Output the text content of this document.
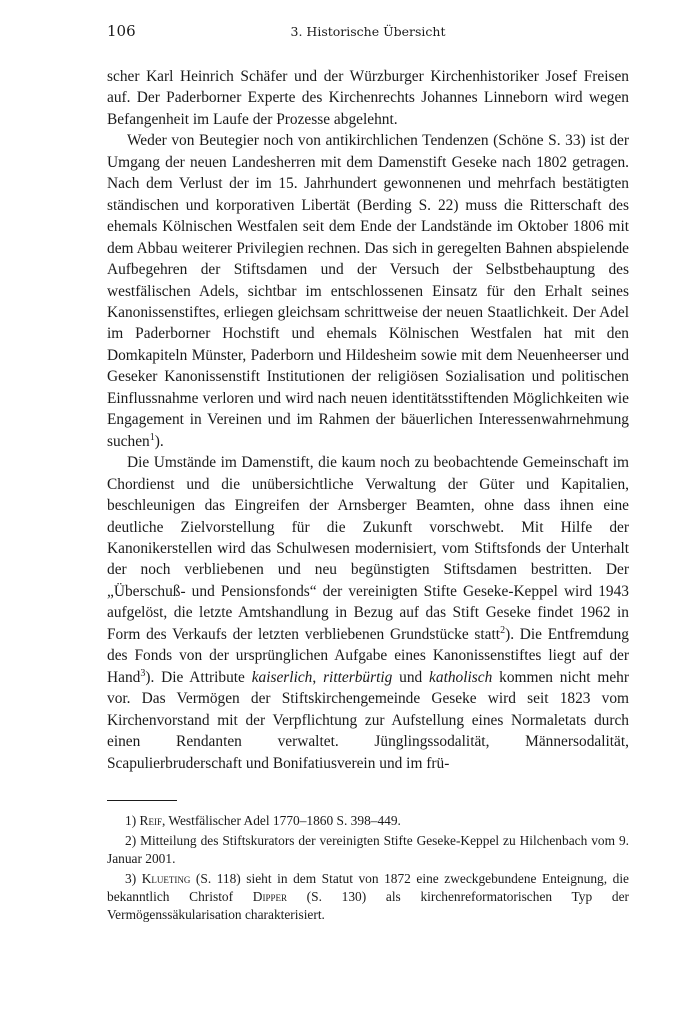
106	3. Historische Übersicht

scher Karl Heinrich Schäfer und der Würzburger Kirchenhistoriker Josef Freisen auf. Der Paderborner Experte des Kirchenrechts Johannes Linneborn wird wegen Befangenheit im Laufe der Prozesse abgelehnt.

Weder von Beutegier noch von antikirchlichen Tendenzen (Schöne S. 33) ist der Umgang der neuen Landesherren mit dem Damenstift Geseke nach 1802 getragen. Nach dem Verlust der im 15. Jahrhundert gewonnenen und mehrfach bestätigten ständischen und korporativen Libertät (Berding S. 22) muss die Ritterschaft des ehemals Kölnischen Westfalen seit dem Ende der Landstände im Oktober 1806 mit dem Abbau weiterer Privilegien rechnen. Das sich in geregelten Bahnen abspielende Aufbegehren der Stiftsdamen und der Versuch der Selbstbehauptung des westfälischen Adels, sichtbar im entschlossenen Einsatz für den Erhalt seines Kanonissenstiftes, erliegen gleichsam schrittweise der neuen Staatlichkeit. Der Adel im Paderborner Hochstift und ehemals Kölnischen Westfalen hat mit den Domkapiteln Münster, Paderborn und Hildesheim sowie mit dem Neuenheerser und Geseker Kanonissenstift Institutionen der religiösen Sozialisation und politischen Einflussnahme verloren und wird nach neuen identitätsstiftenden Möglichkeiten wie Engagement in Vereinen und im Rahmen der bäuerlichen Interessenwahrnehmung suchen$^1$).

Die Umstände im Damenstift, die kaum noch zu beobachtende Gemeinschaft im Chordienst und die unübersichtliche Verwaltung der Güter und Kapitalien, beschleunigen das Eingreifen der Arnsberger Beamten, ohne dass ihnen eine deutliche Zielvorstellung für die Zukunft vorschwebt. Mit Hilfe der Kanonikerstellen wird das Schulwesen modernisiert, vom Stiftsfonds der Unterhalt der noch verbliebenen und neu begünstigten Stiftsdamen bestritten. Der „Überschuß- und Pensionsfonds“ der vereinigten Stifte Geseke-Keppel wird 1943 aufgelöst, die letzte Amtshandlung in Bezug auf das Stift Geseke findet 1962 in Form des Verkaufs der letzten verbliebenen Grundstücke statt$^2$). Die Entfremdung des Fonds von der ursprünglichen Aufgabe eines Kanonissenstiftes liegt auf der Hand$^3$). Die Attribute kaiserlich, ritterbürtig und katholisch kommen nicht mehr vor. Das Vermögen der Stiftskirchengemeinde Geseke wird seit 1823 vom Kirchenvorstand mit der Verpflichtung zur Aufstellung eines Normaletats durch einen Rendanten verwaltet. Jünglingssodalität, Männersodalität, Scapulierbruderschaft und Bonifatiusverein und im frü-

1) Reif, Westfälischer Adel 1770–1860 S. 398–449.

2) Mitteilung des Stiftskurators der vereinigten Stifte Geseke-Keppel zu Hilchenbach vom 9. Januar 2001.

3) Klueting (S. 118) sieht in dem Statut von 1872 eine zweckgebundene Enteignung, die bekanntlich Christof Dipper (S. 130) als kirchenreformatorischen Typ der Vermögenssäkularisation charakterisiert.
